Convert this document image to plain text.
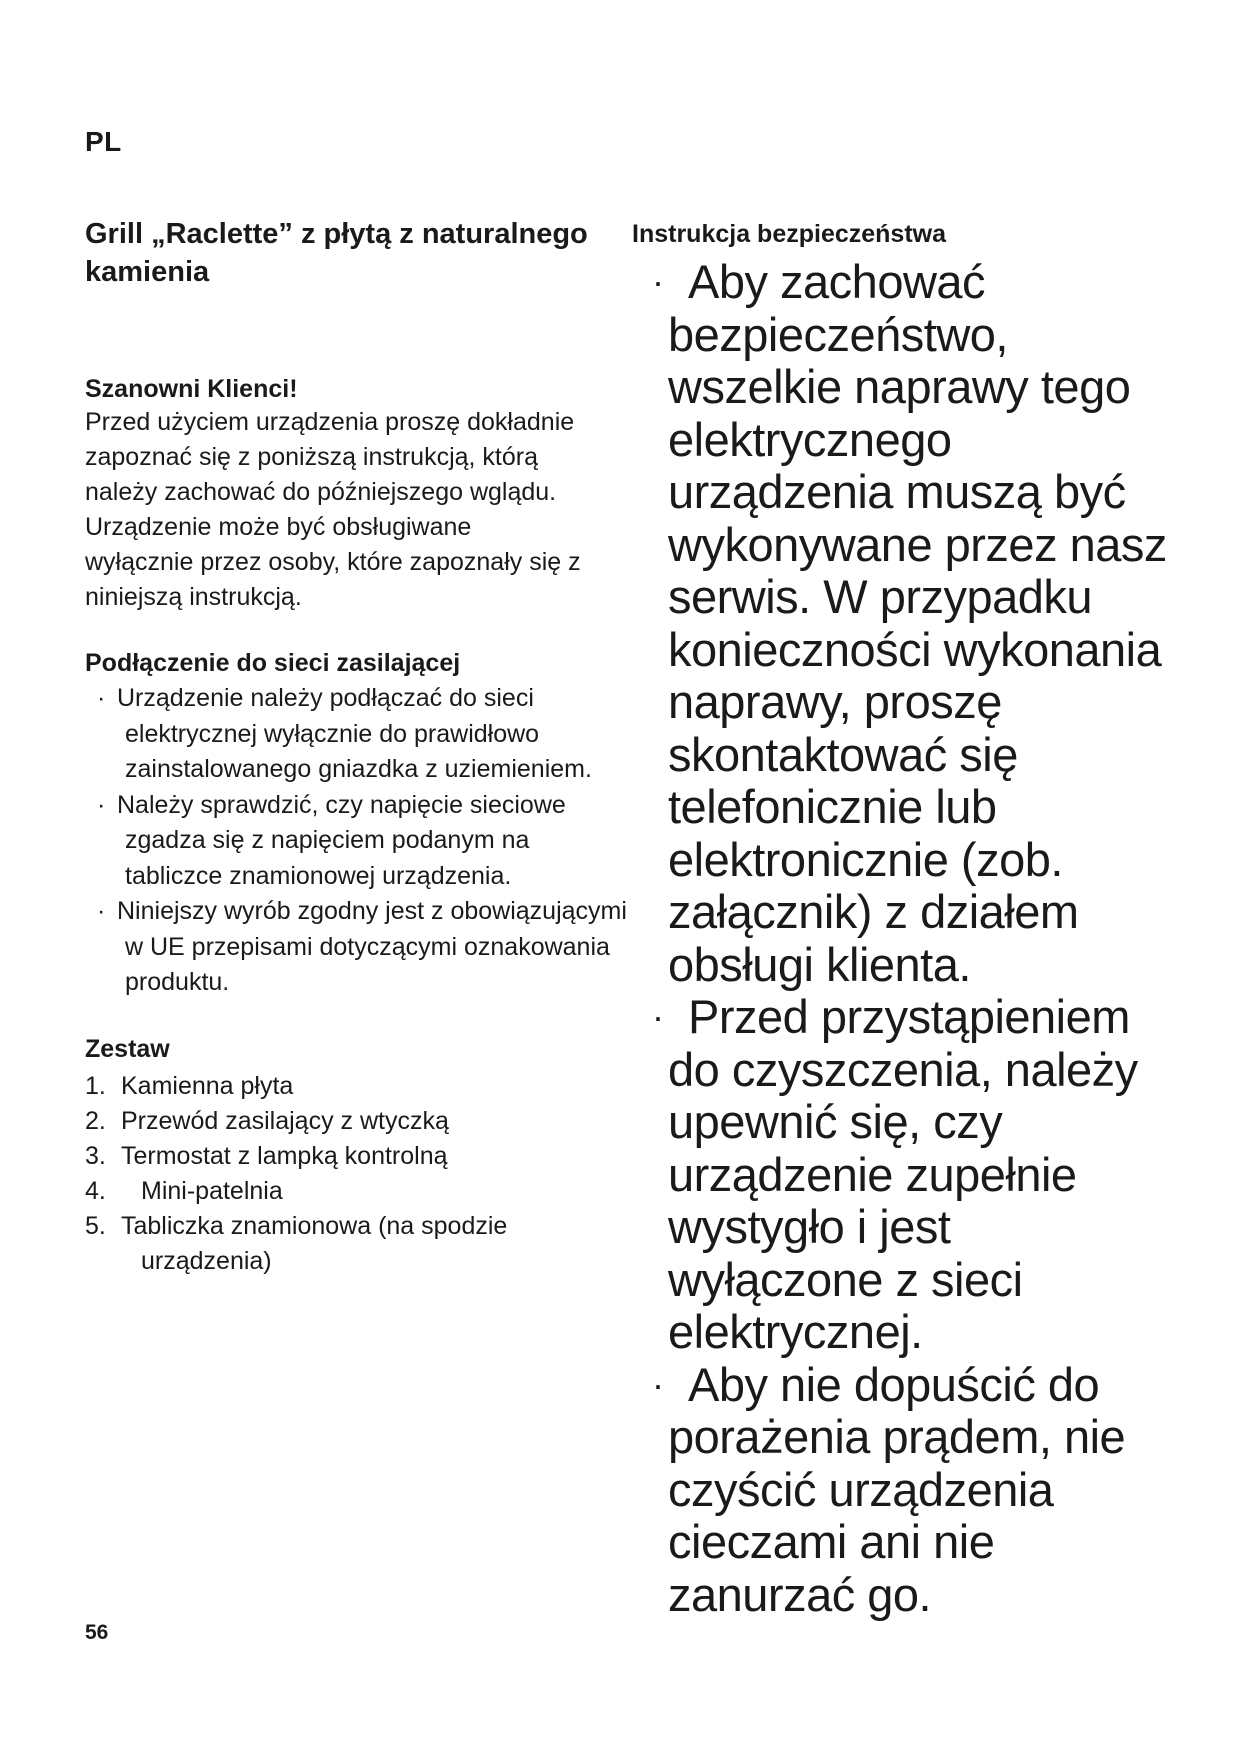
PL
Grill „Raclette” z płytą z naturalnego kamienia
Szanowni Klienci!

Przed użyciem urządzenia proszę dokładnie zapoznać się z poniższą instrukcją, którą należy zachować do późniejszego wglądu. Urządzenie może być obsługiwane wyłącznie przez osoby, które zapoznały się z niniejszą instrukcją.

Podłączenie do sieci zasilającej
· Urządzenie należy podłączać do sieci elektrycznej wyłącznie do prawidłowo zainstalowanego gniazdka z uziemieniem.
· Należy sprawdzić, czy napięcie sieciowe zgadza się z napięciem podanym na tabliczce znamionowej urządzenia.
· Niniejszy wyrób zgodny jest z obowiązującymi w UE przepisami dotyczącymi oznakowania produktu.
Zestaw
1. Kamienna płyta
2. Przewód zasilający z wtyczką
3. Termostat z lampką kontrolną
4. Mini-patelnia
5. Tabliczka znamionowa (na spodzie
urządzenia)
Instrukcja bezpieczeństwa
· Aby zachować bezpieczeństwo, wszelkie naprawy tego elektrycznego urządzenia muszą być wykonywane przez nasz serwis. W przypadku konieczności wykonania naprawy, proszę skontaktować się telefonicznie lub elektronicznie (zob. załącznik) z działem obsługi klienta.
· Przed przystąpieniem do czyszczenia, należy upewnić się, czy urządzenie zupełnie wystygło i jest wyłączone z sieci elektrycznej.
· Aby nie dopuścić do porażenia prądem, nie czyścić urządzenia cieczami ani nie zanurzać go.
56
